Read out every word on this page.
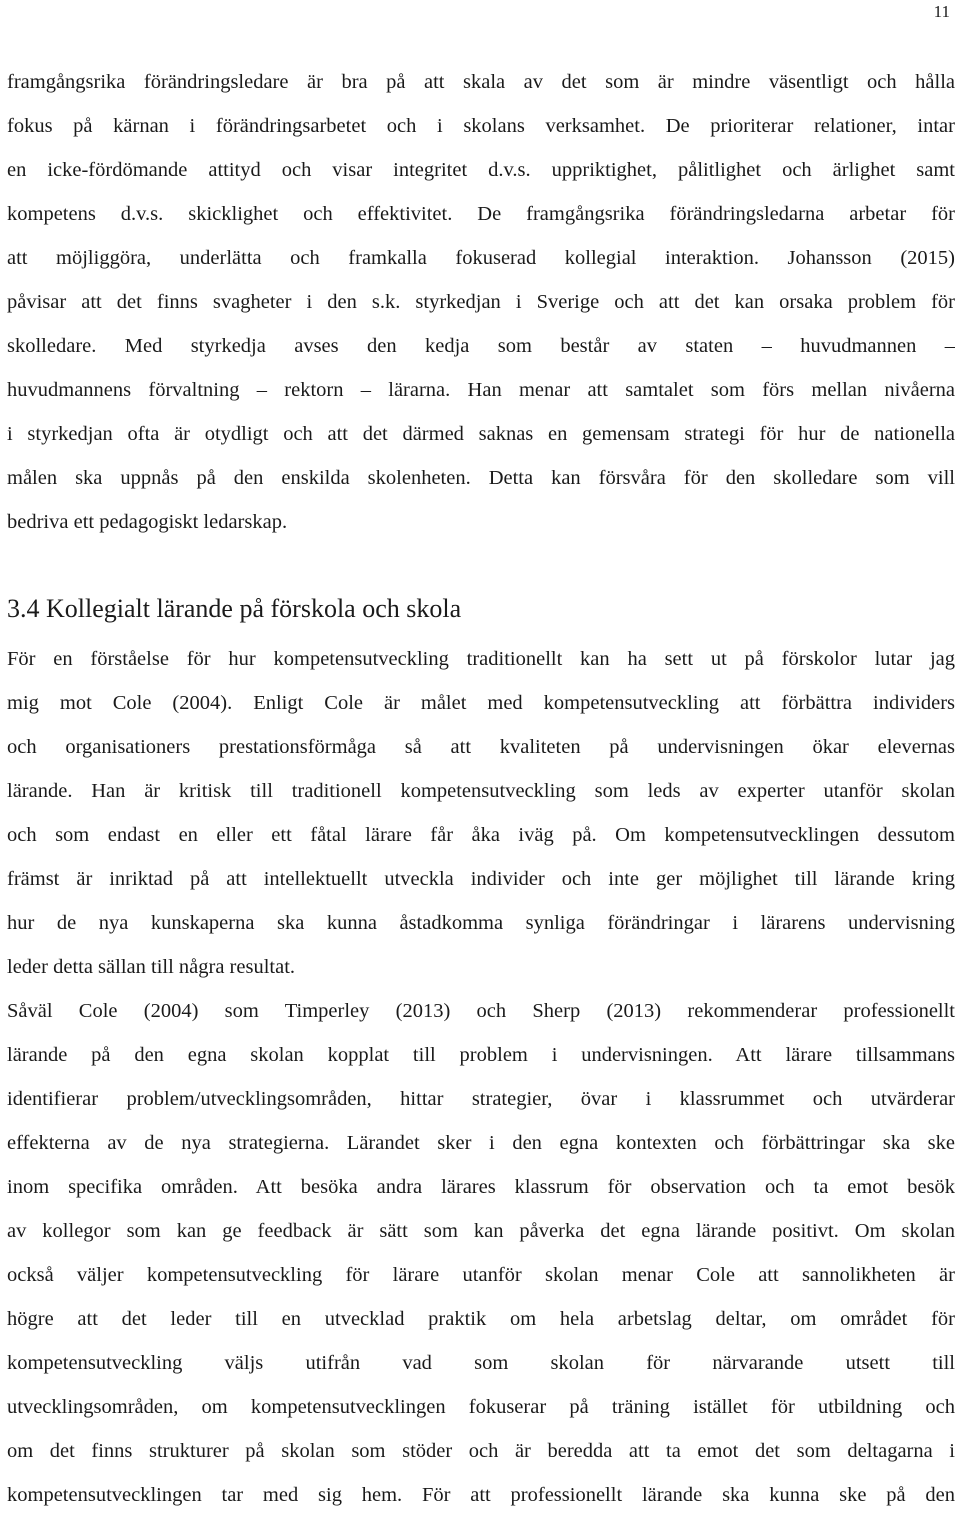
11
framgångsrika förändringsledare är bra på att skala av det som är mindre väsentligt och hålla
fokus på kärnan i förändringsarbetet och i skolans verksamhet. De prioriterar relationer, intar
en icke-fördömande attityd och visar integritet d.v.s. uppriktighet, pålitlighet och ärlighet samt
kompetens d.v.s. skicklighet och effektivitet. De framgångsrika förändringsledarna arbetar för
att möjliggöra, underlätta och framkalla fokuserad kollegial interaktion. Johansson (2015)
påvisar att det finns svagheter i den s.k. styrkedjan i Sverige och att det kan orsaka problem för
skolledare. Med styrkedja avses den kedja som består av staten – huvudmannen –
huvudmannens förvaltning – rektorn – lärarna. Han menar att samtalet som förs mellan nivåerna
i styrkedjan ofta är otydligt och att det därmed saknas en gemensam strategi för hur de nationella
målen ska uppnås på den enskilda skolenheten. Detta kan försvåra för den skolledare som vill
bedriva ett pedagogiskt ledarskap.
3.4 Kollegialt lärande på förskola och skola
För en förståelse för hur kompetensutveckling traditionellt kan ha sett ut på förskolor lutar jag
mig mot Cole (2004). Enligt Cole är målet med kompetensutveckling att förbättra individers
och organisationers prestationsförmåga så att kvaliteten på undervisningen ökar elevernas
lärande. Han är kritisk till traditionell kompetensutveckling som leds av experter utanför skolan
och som endast en eller ett fåtal lärare får åka iväg på. Om kompetensutvecklingen dessutom
främst är inriktad på att intellektuellt utveckla individer och inte ger möjlighet till lärande kring
hur de nya kunskaperna ska kunna åstadkomma synliga förändringar i lärarens undervisning
leder detta sällan till några resultat.
Såväl Cole (2004) som Timperley (2013) och Sherp (2013) rekommenderar professionellt
lärande på den egna skolan kopplat till problem i undervisningen. Att lärare tillsammans
identifierar problem/utvecklingsområden, hittar strategier, övar i klassrummet och utvärderar
effekterna av de nya strategierna. Lärandet sker i den egna kontexten och förbättringar ska ske
inom specifika områden. Att besöka andra lärares klassrum för observation och ta emot besök
av kollegor som kan ge feedback är sätt som kan påverka det egna lärande positivt. Om skolan
också väljer kompetensutveckling för lärare utanför skolan menar Cole att sannolikheten är
högre att det leder till en utvecklad praktik om hela arbetslag deltar, om området för
kompetensutveckling väljs utifrån vad som skolan för närvarande utsett till
utvecklingsområden, om kompetensutvecklingen fokuserar på träning istället för utbildning och
om det finns strukturer på skolan som stöder och är beredda att ta emot det som deltagarna i
kompetensutvecklingen tar med sig hem. För att professionellt lärande ska kunna ske på den
